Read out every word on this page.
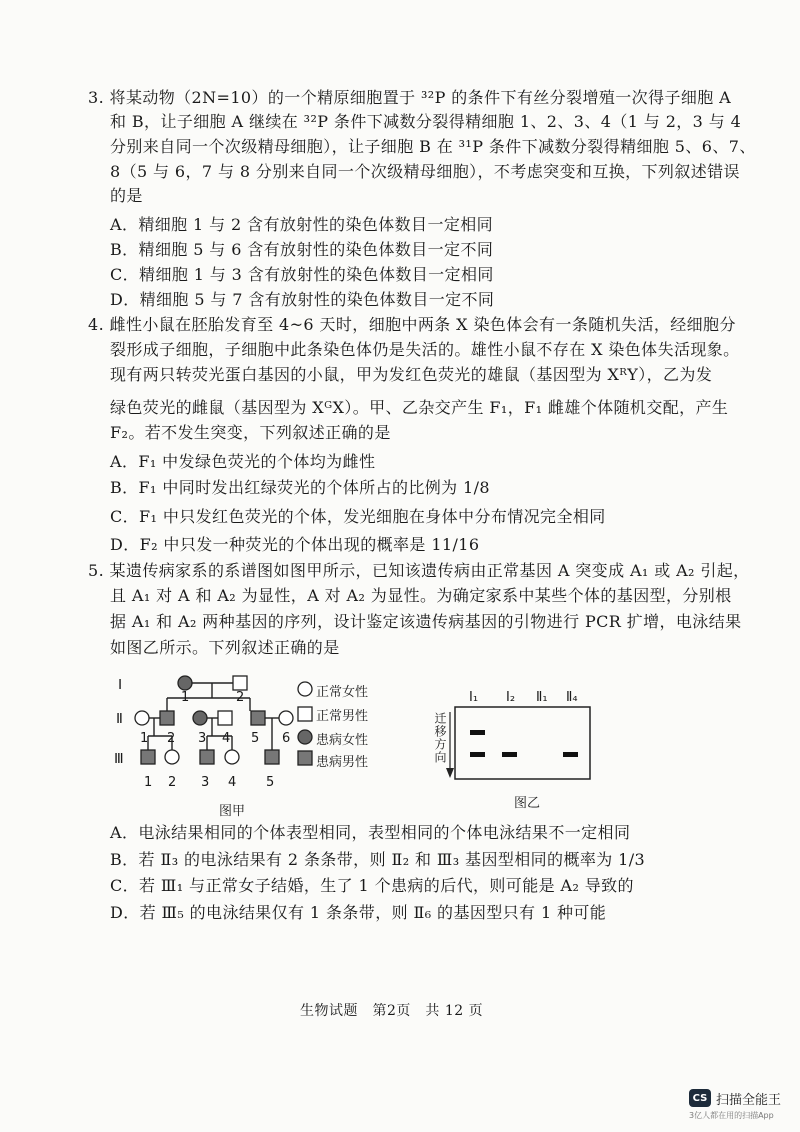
3. 将某动物（2N=10）的一个精原细胞置于 ³²P 的条件下有丝分裂增殖一次得子细胞 A
和 B，让子细胞 A 继续在 ³²P 条件下减数分裂得精细胞 1、2、3、4（1 与 2，3 与 4
分别来自同一个次级精母细胞），让子细胞 B 在 ³¹P 条件下减数分裂得精细胞 5、6、7、
8（5 与 6，7 与 8 分别来自同一个次级精母细胞），不考虑突变和互换，下列叙述错误
的是
A．精细胞 1 与 2 含有放射性的染色体数目一定相同
B．精细胞 5 与 6 含有放射性的染色体数目一定不同
C．精细胞 1 与 3 含有放射性的染色体数目一定相同
D．精细胞 5 与 7 含有放射性的染色体数目一定不同
4. 雌性小鼠在胚胎发育至 4~6 天时，细胞中两条 X 染色体会有一条随机失活，经细胞分
裂形成子细胞，子细胞中此条染色体仍是失活的。雄性小鼠不存在 X 染色体失活现象。
现有两只转荧光蛋白基因的小鼠，甲为发红色荧光的雄鼠（基因型为 XᴿY），乙为发
绿色荧光的雌鼠（基因型为 XᴳX）。甲、乙杂交产生 F₁，F₁ 雌雄个体随机交配，产生
F₂。若不发生突变，下列叙述正确的是
A．F₁ 中发绿色荧光的个体均为雌性
B．F₁ 中同时发出红绿荧光的个体所占的比例为 1/8
C．F₁ 中只发红色荧光的个体，发光细胞在身体中分布情况完全相同
D．F₂ 中只发一种荧光的个体出现的概率是 11/16
5. 某遗传病家系的系谱图如图甲所示，已知该遗传病由正常基因 A 突变成 A₁ 或 A₂ 引起，
且 A₁ 对 A 和 A₂ 为显性，A 对 A₂ 为显性。为确定家系中某些个体的基因型，分别根
据 A₁ 和 A₂ 两种基因的序列，设计鉴定该遗传病基因的引物进行 PCR 扩增，电泳结果
如图乙所示。下列叙述正确的是
Ⅰ
Ⅱ
Ⅲ
1	2
1 2 3 4 5 6
1 2 3 4 5
正常女性
正常男性
患病女性
患病男性
图甲
Ⅰ₁ Ⅰ₂ Ⅱ₁ Ⅱ₄
迁移方向
图乙
A．电泳结果相同的个体表型相同，表型相同的个体电泳结果不一定相同
B．若 Ⅱ₃ 的电泳结果有 2 条条带，则 Ⅱ₂ 和 Ⅲ₃ 基因型相同的概率为 1/3
C．若 Ⅲ₁ 与正常女子结婚，生了 1 个患病的后代，则可能是 A₂ 导致的
D．若 Ⅲ₅ 的电泳结果仅有 1 条条带，则 Ⅱ₆ 的基因型只有 1 种可能
生物试题　第2页　共 12 页
CS 扫描全能王
3亿人都在用的扫描App
